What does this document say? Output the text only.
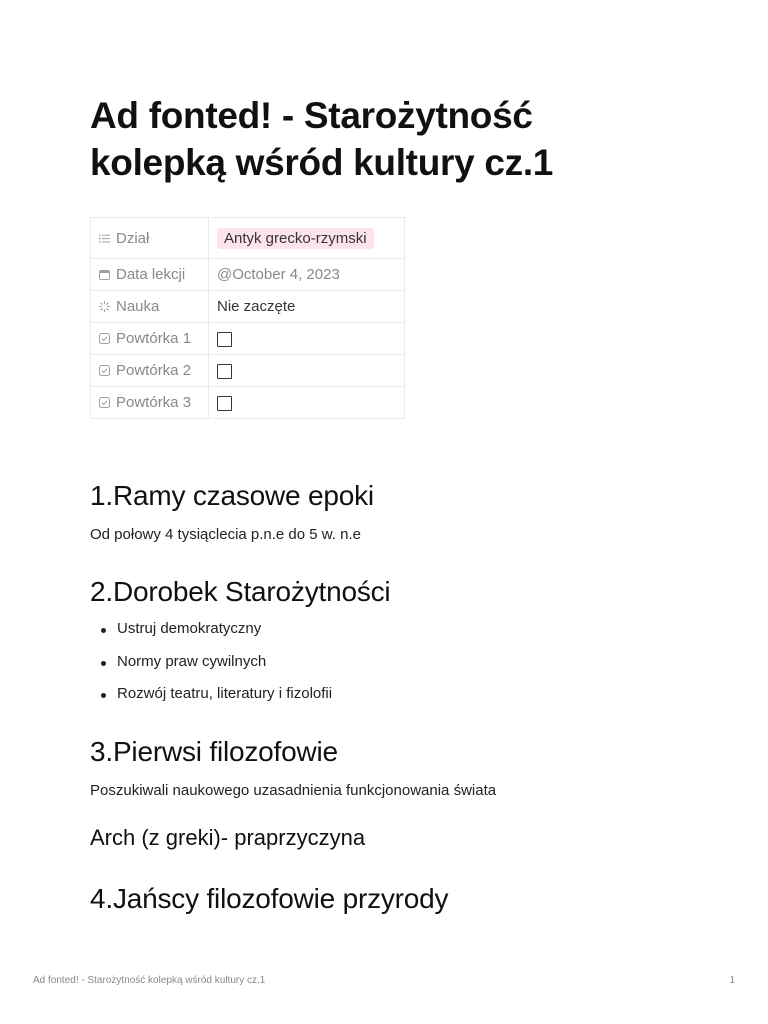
Ad fonted! - Starożytność kolepką wśród kultury cz.1
Dział	Antyk grecko-rzymski
Data lekcji	@October 4, 2023
Nauka	Nie zaczęte
Powtórka 1	
Powtórka 2	
Powtórka 3	
1.Ramy czasowe epoki

Od połowy 4 tysiąclecia p.n.e do 5 w. n.e

2.Dorobek Starożytności
Ustruj demokratyczny
Normy praw cywilnych
Rozwój teatru, literatury i fizolofii
3.Pierwsi filozofowie

Poszukiwali naukowego uzasadnienia funkcjonowania świata

Arch (z greki)- praprzyczyna
4.Jańscy filozofowie przyrody
Ad fonted! - Starożytność kolepką wśród kultury cz.1	1
